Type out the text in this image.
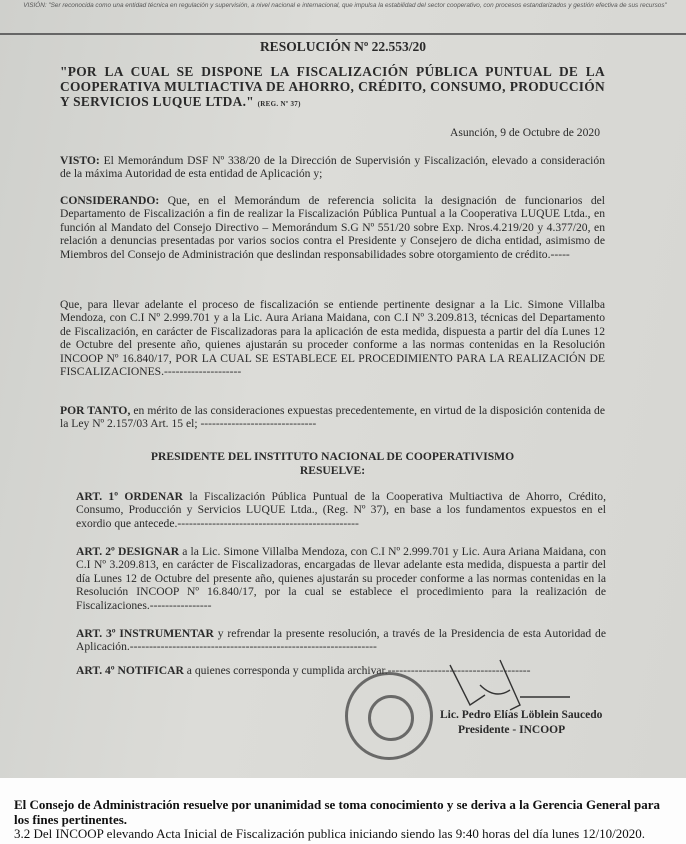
VISIÓN: "Ser reconocida como una entidad técnica en regulación y supervisión, a nivel nacional e internacional, que impulsa la estabilidad del sector cooperativo, con procesos estandarizados y gestión efectiva de sus recursos"
RESOLUCIÓN Nº 22.553/20
"POR LA CUAL SE DISPONE LA FISCALIZACIÓN PÚBLICA PUNTUAL DE LA COOPERATIVA MULTIACTIVA DE AHORRO, CRÉDITO, CONSUMO, PRODUCCIÓN Y SERVICIOS LUQUE LTDA." (REG. Nº 37)
Asunción, 9 de Octubre de 2020
VISTO: El Memorándum DSF Nº 338/20 de la Dirección de Supervisión y Fiscalización, elevado a consideración de la máxima Autoridad de esta entidad de Aplicación y;
CONSIDERANDO: Que, en el Memorándum de referencia solicita la designación de funcionarios del Departamento de Fiscalización a fin de realizar la Fiscalización Pública Puntual a la Cooperativa LUQUE Ltda., en función al Mandato del Consejo Directivo – Memorándum S.G Nº 551/20 sobre Exp. Nros.4.219/20 y 4.377/20, en relación a denuncias presentadas por varios socios contra el Presidente y Consejero de dicha entidad, asimismo de Miembros del Consejo de Administración que deslindan responsabilidades sobre otorgamiento de crédito.-----
Que, para llevar adelante el proceso de fiscalización se entiende pertinente designar a la Lic. Simone Villalba Mendoza, con C.I Nº 2.999.701 y a la Lic. Aura Ariana Maidana, con C.I Nº 3.209.813, técnicas del Departamento de Fiscalización, en carácter de Fiscalizadoras para la aplicación de esta medida, dispuesta a partir del día Lunes 12 de Octubre del presente año, quienes ajustarán su proceder conforme a las normas contenidas en la Resolución INCOOP Nº 16.840/17, POR LA CUAL SE ESTABLECE EL PROCEDIMIENTO PARA LA REALIZACIÓN DE FISCALIZACIONES.--------------------
POR TANTO, en mérito de las consideraciones expuestas precedentemente, en virtud de la disposición contenida de la Ley Nº 2.157/03 Art. 15 el; ------------------------------
PRESIDENTE DEL INSTITUTO NACIONAL DE COOPERATIVISMO
RESUELVE:
ART. 1º ORDENAR la Fiscalización Pública Puntual de la Cooperativa Multiactiva de Ahorro, Crédito, Consumo, Producción y Servicios LUQUE Ltda., (Reg. Nº 37), en base a los fundamentos expuestos en el exordio que antecede.-----------------------------------------------
ART. 2º DESIGNAR a la Lic. Simone Villalba Mendoza, con C.I Nº 2.999.701 y Lic. Aura Ariana Maidana, con C.I Nº 3.209.813, en carácter de Fiscalizadoras, encargadas de llevar adelante esta medida, dispuesta a partir del día Lunes 12 de Octubre del presente año, quienes ajustarán su proceder conforme a las normas contenidas en la Resolución INCOOP Nº 16.840/17, por la cual se establece el procedimiento para la realización de Fiscalizaciones.----------------
ART. 3º INSTRUMENTAR y refrendar la presente resolución, a través de la Presidencia de esta Autoridad de Aplicación.----------------------------------------------------------------
ART. 4º NOTIFICAR a quienes corresponda y cumplida archivar.-------------------------------------
Lic. Pedro Elías Löblein Saucedo
Presidente - INCOOP
El Consejo de Administración resuelve por unanimidad se toma conocimiento y se deriva a la Gerencia General para los fines pertinentes.
3.2 Del INCOOP elevando Acta Inicial de Fiscalización publica iniciando siendo las 9:40 horas del día lunes 12/10/2020.
